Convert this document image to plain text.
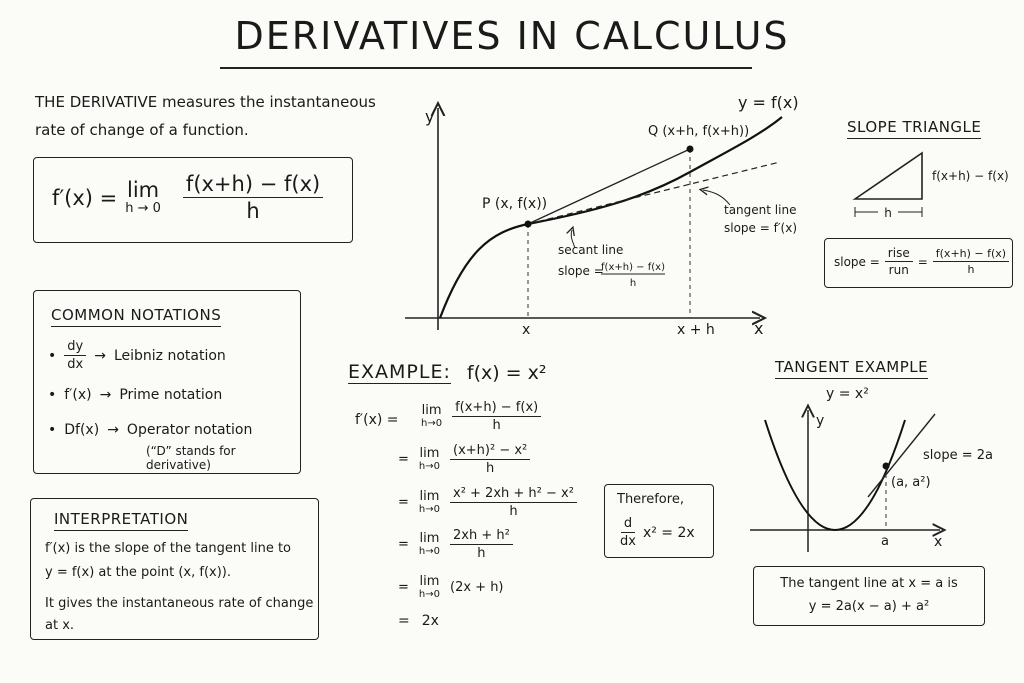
DERIVATIVES IN CALCULUS
THE DERIVATIVE measures the instantaneous
rate of change of a function.
f′(x) = lim
$h \to 0 \frac{f(x+h) - f(x)}{h}$
COMMON NOTATIONS
• $\frac{dy}{dx}$ → Leibniz notation
• f′(x) → Prime notation
• Df(x) → Operator notation
(“D” stands for derivative)
INTERPRETATION
f′(x) is the slope of the tangent line to
y = f(x) at the point (x, f(x)).
It gives the instantaneous rate of change
at x.
y
x
y = f(x)
P (x, f(x))
Q (x+h, f(x+h))
x	x + h
secant line
slope =
f(x+h) − f(x)
h
tangent line
slope = f′(x)
SLOPE TRIANGLE
h
f(x+h) − f(x)
slope = $\frac{\text{rise}}{\text{run}} = \frac{f(x+h) - f(x)}{h}$
EXAMPLE: f(x) = x²
f′(x) =
lim
$h\to 0 \frac{f(x+h) - f(x)}{h}$
= lim
$h\to 0 \frac{\text{(x+h)² − x²}}{h}$
= lim
$h\to 0 \frac{\text{x² + 2xh + h² − x²}}{h}$
= lim
$h\to 0 \frac{\text{2xh + h²}}{h}$
= lim
h→0 (2x + h)
= 2x
Therefore,
$\frac{d}{dx} x^2 = 2x$
TANGENT EXAMPLE
y = x²
y
x
a
(a, a²)
slope = 2a
The tangent line at x = a is
y = 2a(x − a) + a²
